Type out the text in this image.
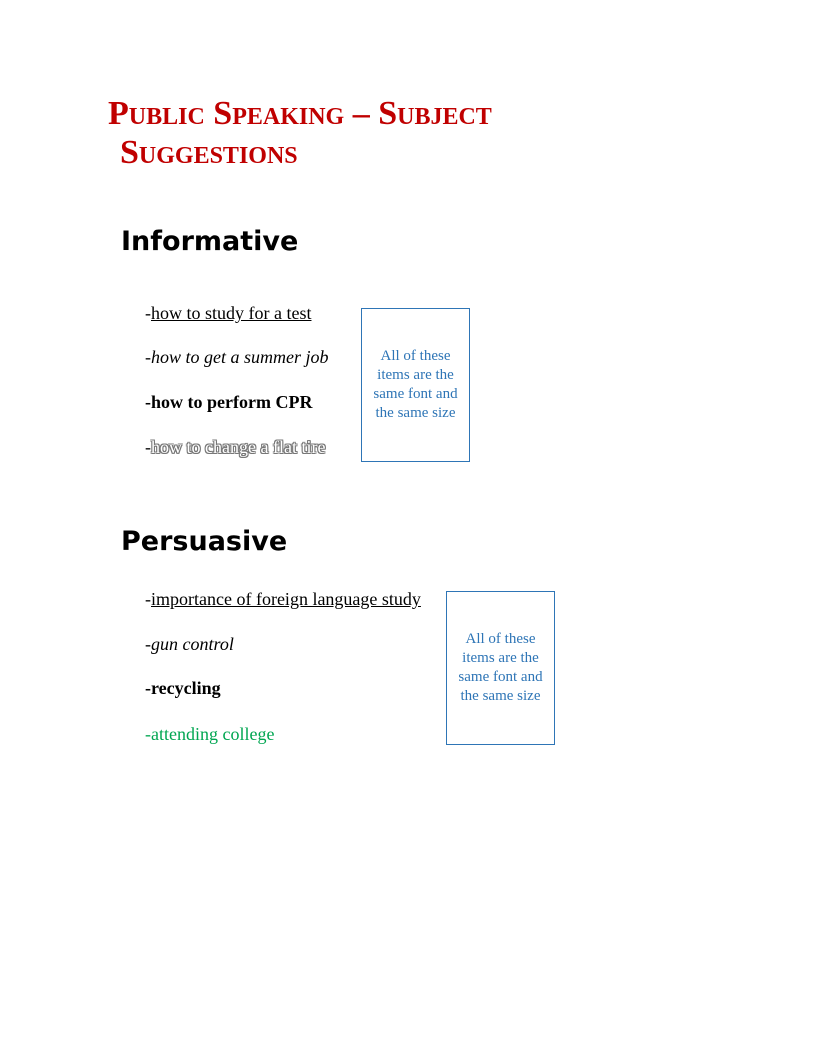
Public Speaking – Subject
Suggestions
Informative

-how to study for a test

-how to get a summer job

-how to perform CPR

-how to change a flat tire

All of these items are the same font and the same size
Persuasive

-importance of foreign language study

-gun control

-recycling

-attending college

All of these items are the same font and the same size
